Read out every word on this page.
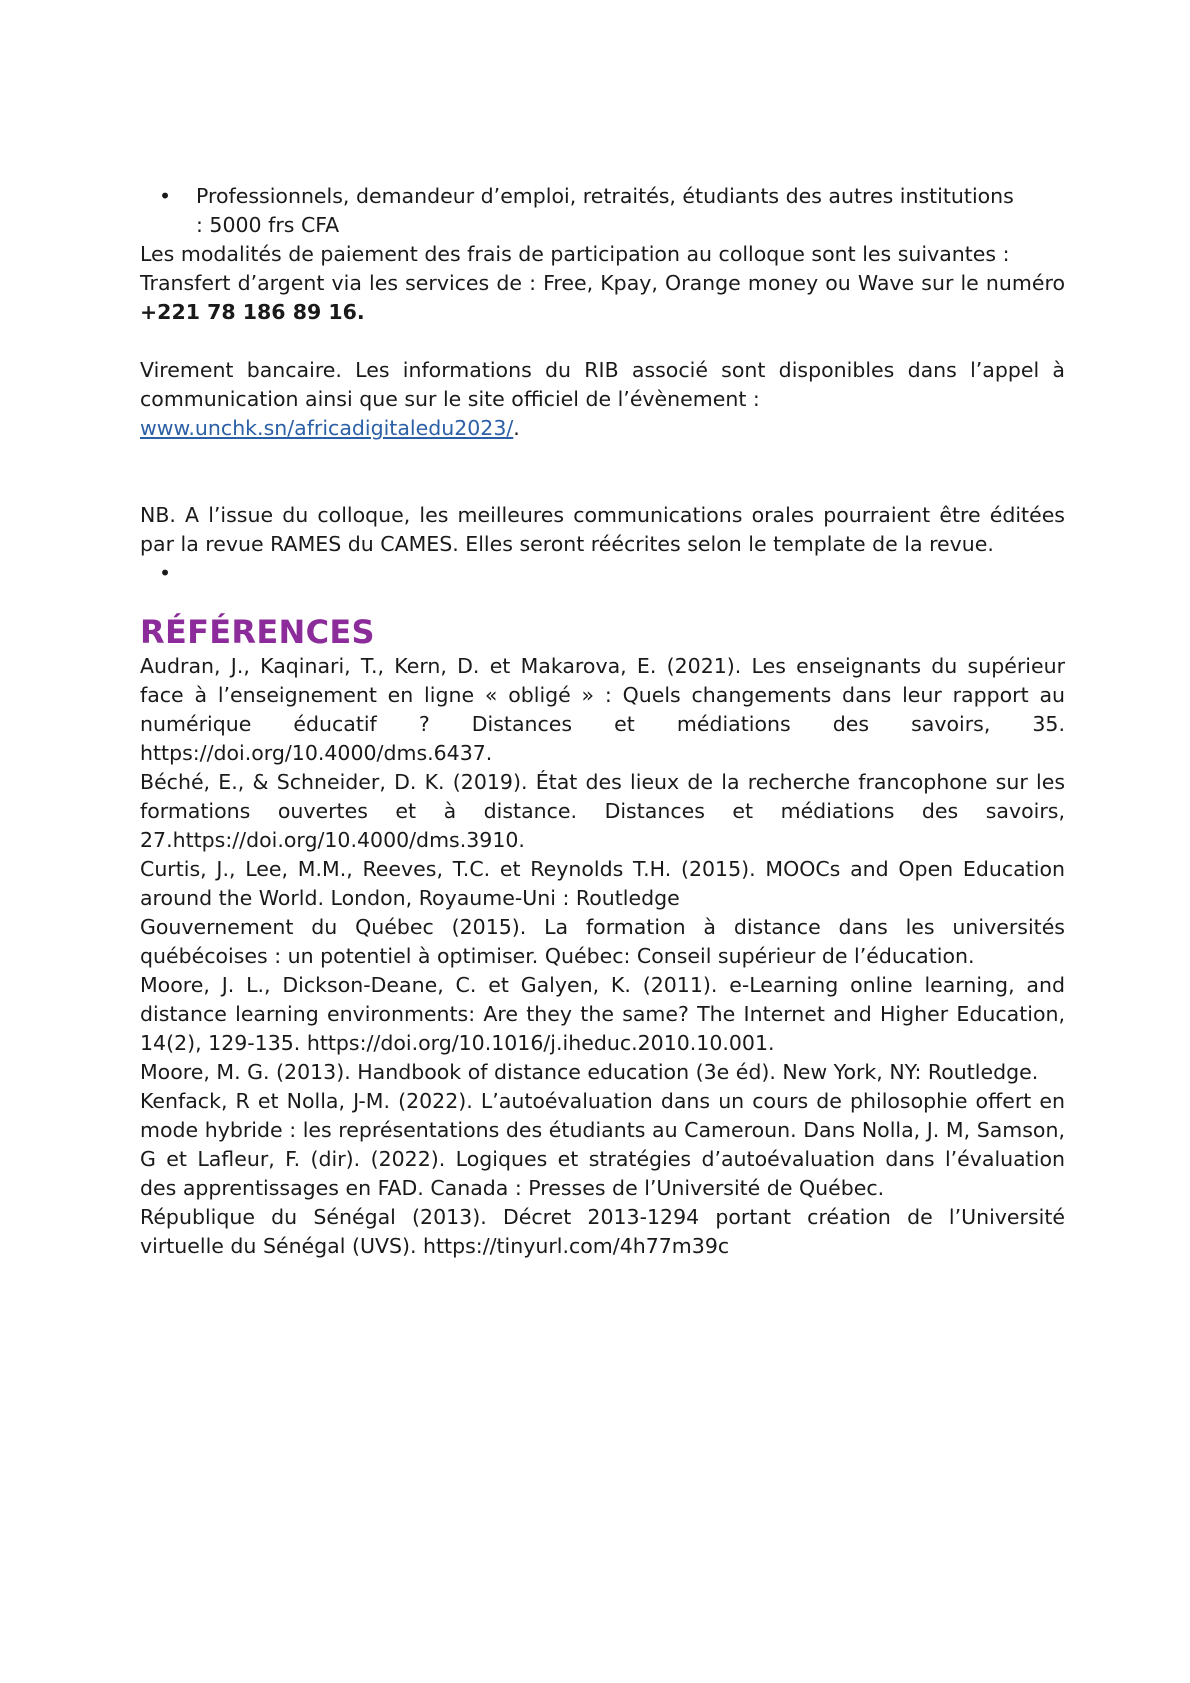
• Professionnels, demandeur d’emploi, retraités, étudiants des autres institutions
: 5000 frs CFA

Les modalités de paiement des frais de participation au colloque sont les suivantes :

Transfert d’argent via les services de : Free, Kpay, Orange money ou Wave sur le numéro +221 78 186 89 16.

Virement bancaire. Les informations du RIB associé sont disponibles dans l’appel à communication ainsi que sur le site officiel de l’évènement :
www.unchk.sn/africadigitaledu2023/.

NB. A l’issue du colloque, les meilleures communications orales pourraient être éditées par la revue RAMES du CAMES. Elles seront réécrites selon le template de la revue.

•
RÉFÉRENCES

Audran, J., Kaqinari, T., Kern, D. et Makarova, E. (2021). Les enseignants du supérieur face à l’enseignement en ligne « obligé » : Quels changements dans leur rapport au numérique éducatif ? Distances et médiations des savoirs, 35. https://doi.org/10.4000/dms.6437.

Béché, E., & Schneider, D. K. (2019). État des lieux de la recherche francophone sur les formations ouvertes et à distance. Distances et médiations des savoirs, 27.https://doi.org/10.4000/dms.3910.

Curtis, J., Lee, M.M., Reeves, T.C. et Reynolds T.H. (2015). MOOCs and Open Education around the World. London, Royaume-Uni : Routledge

Gouvernement du Québec (2015). La formation à distance dans les universités québécoises : un potentiel à optimiser. Québec: Conseil supérieur de l’éducation.

Moore, J. L., Dickson-Deane, C. et Galyen, K. (2011). e-Learning online learning, and distance learning environments: Are they the same? The Internet and Higher Education, 14(2), 129-135. https://doi.org/10.1016/j.iheduc.2010.10.001.

Moore, M. G. (2013). Handbook of distance education (3e éd). New York, NY: Routledge.

Kenfack, R et Nolla, J-M. (2022). L’autoévaluation dans un cours de philosophie offert en mode hybride : les représentations des étudiants au Cameroun. Dans Nolla, J. M, Samson, G et Lafleur, F. (dir). (2022). Logiques et stratégies d’autoévaluation dans l’évaluation des apprentissages en FAD. Canada : Presses de l’Université de Québec.

République du Sénégal (2013). Décret 2013-1294 portant création de l’Université virtuelle du Sénégal (UVS). https://tinyurl.com/4h77m39c
